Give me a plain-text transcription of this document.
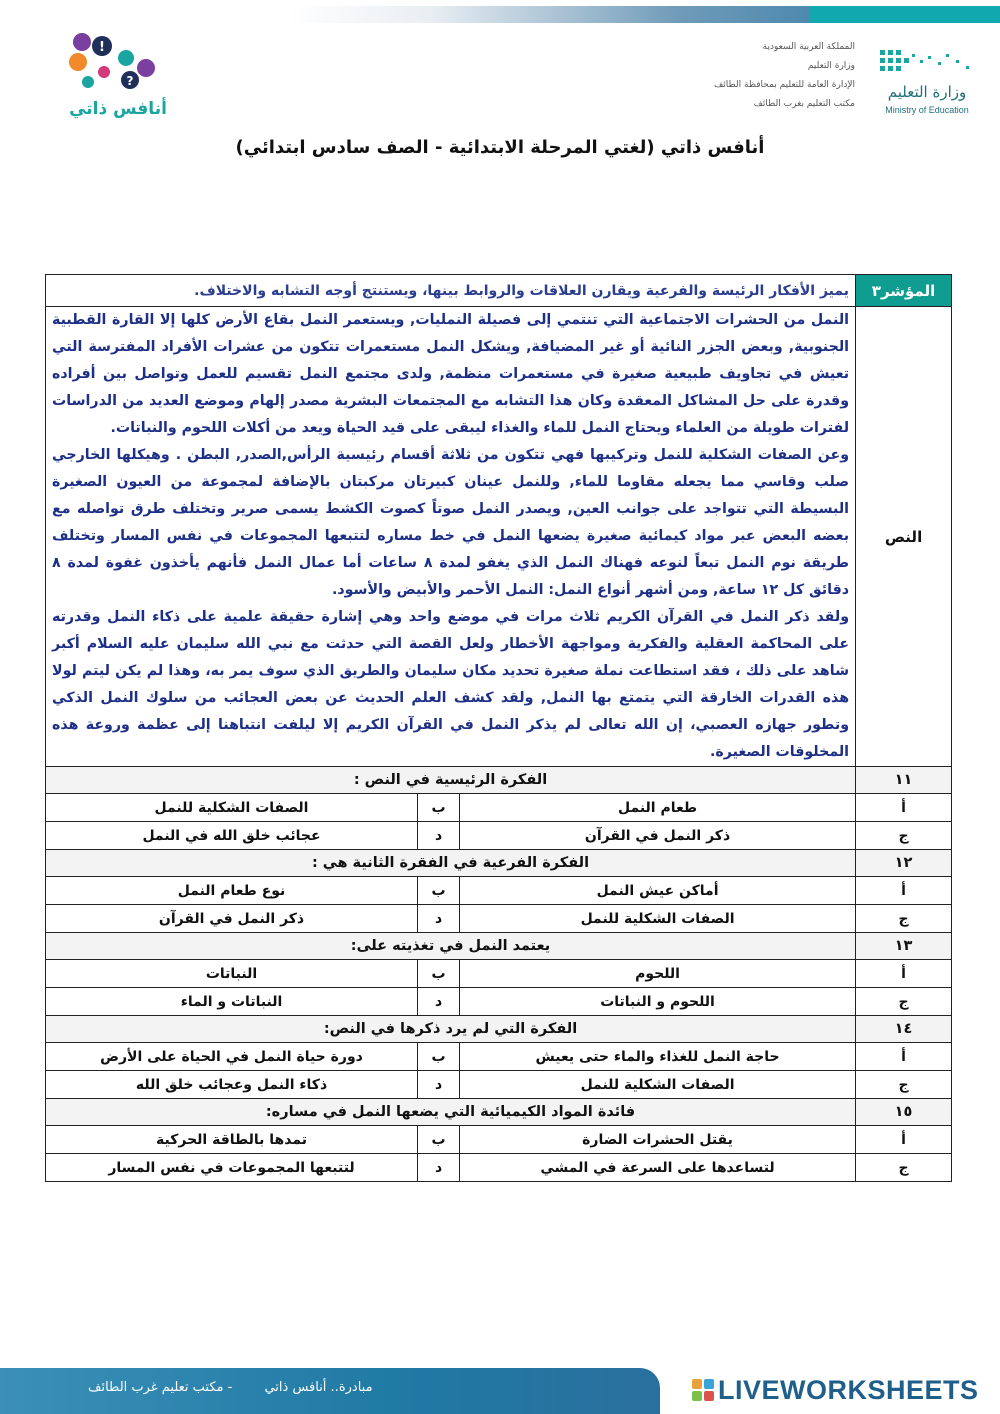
المملكة العربية السعودية
وزارة التعليم
الإدارة العامة للتعليم بمحافظة الطائف
مكتب التعليم بغرب الطائف
وزارة التعليم
Ministry of Education
!
?
أنافس ذاتي
أنافس ذاتي (لغتي المرحلة الابتدائية - الصف سادس ابتدائي)
المؤشر٣	يميز الأفكار الرئيسة والفرعية ويقارن العلاقات والروابط بينها، ويستنتج أوجه التشابه والاختلاف.		
النص	النمل من الحشرات الاجتماعية التي تنتمي إلى فصيلة النمليات, ويستعمر النمل بقاع الأرض كلها إلا القارة القطبية الجنوبية, وبعض الجزر النائية أو غير المضيافة, ويشكل النمل مستعمرات تتكون من عشرات الأفراد المفترسة التي تعيش في تجاويف طبيعية صغيرة في مستعمرات منظمة, ولدى مجتمع النمل تقسيم للعمل وتواصل بين أفراده وقدرة على حل المشاكل المعقدة وكان هذا التشابه مع المجتمعات البشرية مصدر إلهام وموضع العديد من الدراسات لفترات طويلة من العلماء ويحتاج النمل للماء والغذاء ليبقى على قيد الحياة ويعد من أكلات اللحوم والنباتات.

وعن الصفات الشكلية للنمل وتركيبها فهي تتكون من ثلاثة أقسام رئيسية الرأس,الصدر, البطن . وهيكلها الخارجي صلب وقاسي مما يجعله مقاوما للماء, وللنمل عينان كبيرتان مركبتان بالإضافة لمجموعة من العيون الصغيرة البسيطة التي تتواجد على جوانب العين, ويصدر النمل صوتاً كصوت الكشط يسمى صرير وتختلف طرق تواصله مع بعضه البعض عبر مواد كيمائية صغيرة يضعها النمل في خط مساره لتتبعها المجموعات في نفس المسار وتختلف طريقة نوم النمل تبعاً لنوعه فهناك النمل الذي يغفو لمدة ٨ ساعات أما عمال النمل فأنهم يأخذون غفوة لمدة ٨ دقائق كل ١٢ ساعة, ومن أشهر أنواع النمل: النمل الأحمر والأبيض والأسود.

ولقد ذكر النمل في القرآن الكريم ثلاث مرات في موضع واحد وهي إشارة حقيقة علمية على ذكاء النمل وقدرته على المحاكمة العقلية والفكرية ومواجهة الأخطار ولعل القصة التي حدثت مع نبي الله سليمان عليه السلام أكبر شاهد على ذلك ، فقد استطاعت نملة صغيرة تحديد مكان سليمان والطريق الذي سوف يمر به، وهذا لم يكن ليتم لولا هذه القدرات الخارقة التي يتمتع بها النمل, ولقد كشف العلم الحديث عن بعض العجائب من سلوك النمل الذكي وتطور جهازه العصبي، إن الله تعالى لم يذكر النمل في القرآن الكريم إلا ليلفت انتباهنا إلى عظمة وروعة هذه المخلوقات الصغيرة.		

١١	الفكرة الرئيسية في النص :		
أ	طعام النمل	ب	الصفات الشكلية للنمل
ج	ذكر النمل في القرآن	د	عجائب خلق الله في النمل
١٢	الفكرة الفرعية في الفقرة الثانية هي :		
أ	أماكن عيش النمل	ب	نوع طعام النمل
ج	الصفات الشكلية للنمل	د	ذكر النمل في القرآن
١٣	يعتمد النمل في تغذيته على:		
أ	اللحوم	ب	النباتات
ج	اللحوم و النباتات	د	النباتات و الماء
١٤	الفكرة التي لم يرد ذكرها في النص:		
أ	حاجة النمل للغذاء والماء حتى يعيش	ب	دورة حياة النمل في الحياة على الأرض
ج	الصفات الشكلية للنمل	د	ذكاء النمل وعجائب خلق الله
١٥	فائدة المواد الكيميائية التي يضعها النمل في مساره:		
أ	يقتل الحشرات الضارة	ب	تمدها بالطاقة الحركية
ج	لتساعدها على السرعة في المشي	د	لتتبعها المجموعات في نفس المسار
مبادرة.. أنافس ذاتي - مكتب تعليم غرب الطائف	LIVEWORKSHEETS
